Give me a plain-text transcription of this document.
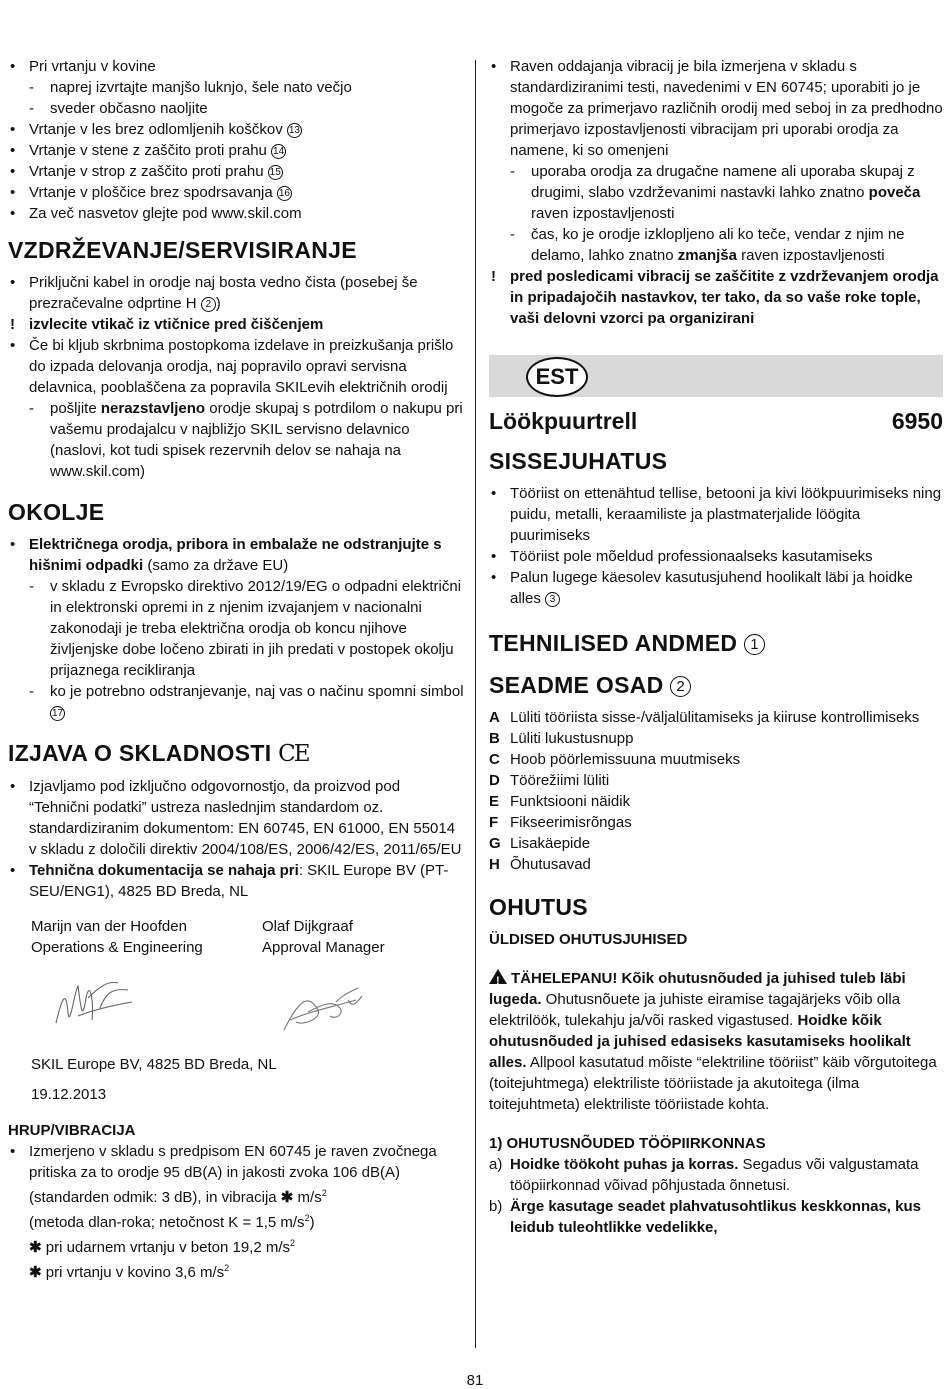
• Pri vrtanju v kovine
- naprej izvrtajte manjšo luknjo, šele nato večjo
- sveder občasno naoljite
• Vrtanje v les brez odlomljenih koščkov 13
• Vrtanje v stene z zaščito proti prahu 14
• Vrtanje v strop z zaščito proti prahu 15
• Vrtanje v ploščice brez spodrsavanja 16
• Za več nasvetov glejte pod www.skil.com
VZDRŽEVANJE/SERVISIRANJE
• Priključni kabel in orodje naj bosta vedno čista (posebej še prezračevalne odprtine H 2 )
! izvlecite vtikač iz vtičnice pred čiščenjem
• Če bi kljub skrbnima postopkoma izdelave in preizkušanja prišlo do izpada delovanja orodja, naj popravilo opravi servisna delavnica, pooblaščena za popravila SKILevih električnih orodij
- pošljite nerazstavljeno orodje skupaj s potrdilom o nakupu pri vašemu prodajalcu v najbližjo SKIL servisno delavnico (naslovi, kot tudi spisek rezervnih delov se nahaja na www.skil.com)
OKOLJE
• Električnega orodja, pribora in embalaže ne odstranjujte s hišnimi odpadki (samo za države EU)
- v skladu z Evropsko direktivo 2012/19/EG o odpadni električni in elektronski opremi in z njenim izvajanjem v nacionalni zakonodaji je treba električna orodja ob koncu njihove življenjske dobe ločeno zbirati in jih predati v postopek okolju prijaznega recikliranja
- ko je potrebno odstranjevanje, naj vas o načinu spomni simbol 17
IZJAVA O SKLADNOSTI CE
• Izjavljamo pod izključno odgovornostjo, da proizvod pod “Tehnični podatki” ustreza naslednjim standardom oz. standardiziranim dokumentom: EN 60745, EN 61000, EN 55014 v skladu z določili direktiv 2004/108/ES, 2006/42/ES, 2011/65/EU
• Tehnična dokumentacija se nahaja pri: SKIL Europe BV (PT-SEU/ENG1), 4825 BD Breda, NL
Marijn van der Hoofden
Operations & Engineering
Olaf Dijkgraaf
Approval Manager
SKIL Europe BV, 4825 BD Breda, NL
19.12.2013
HRUP/VIBRACIJA
• Izmerjeno v skladu s predpisom EN 60745 je raven zvočnega pritiska za to orodje 95 dB(A) in jakosti zvoka 106 dB(A) (standarden odmik: 3 dB), in vibracija ✱ $m/s^2$
(metoda dlan-roka; netočnost K = 1,5 $m/s^2$)
✱ pri udarnem vrtanju v beton 19,2 $m/s^2$
✱ pri vrtanju v kovino 3,6 $m/s^2$
• Raven oddajanja vibracij je bila izmerjena v skladu s standardiziranimi testi, navedenimi v EN 60745; uporabiti jo je mogoče za primerjavo različnih orodij med seboj in za predhodno primerjavo izpostavljenosti vibracijam pri uporabi orodja za namene, ki so omenjeni
- uporaba orodja za drugačne namene ali uporaba skupaj z drugimi, slabo vzdrževanimi nastavki lahko znatno poveča raven izpostavljenosti
- čas, ko je orodje izklopljeno ali ko teče, vendar z njim ne delamo, lahko znatno zmanjša raven izpostavljenosti
! pred posledicami vibracij se zaščitite z vzdrževanjem orodja in pripadajočih nastavkov, ter tako, da so vaše roke tople, vaši delovni vzorci pa organizirani
EST
Löökpuurtrell	6950
SISSEJUHATUS
• Tööriist on ettenähtud tellise, betooni ja kivi löökpuurimiseks ning puidu, metalli, keraamiliste ja plastmaterjalide löögita puurimiseks
• Tööriist pole mõeldud professionaalseks kasutamiseks
• Palun lugege käesolev kasutusjuhend hoolikalt läbi ja hoidke alles 3
TEHNILISED ANDMED 1
SEADME OSAD 2
A Lüliti tööriista sisse-/väljalülitamiseks ja kiiruse kontrollimiseks
B Lüliti lukustusnupp
C Hoob pöörlemissuuna muutmiseks
D Töörežiimi lüliti
E Funktsiooni näidik
F Fikseerimisrõngas
G Lisakäepide
H Õhutusavad
OHUTUS
ÜLDISED OHUTUSJUHISED
! TÄHELEPANU! Kõik ohutusnõuded ja juhised tuleb läbi lugeda. Ohutusnõuete ja juhiste eiramise tagajärjeks võib olla elektrilöök, tulekahju ja/või rasked vigastused. Hoidke kõik ohutusnõuded ja juhised edasiseks kasutamiseks hoolikalt alles. Allpool kasutatud mõiste “elektriline tööriist” käib võrgutoitega (toitejuhtmega) elektriliste tööriistade ja akutoitega (ilma toitejuhtmeta) elektriliste tööriistade kohta.
1) OHUTUSNÕUDED TÖÖPIIRKONNAS
a) Hoidke töökoht puhas ja korras. Segadus või valgustamata tööpiirkonnad võivad põhjustada õnnetusi.
b) Ärge kasutage seadet plahvatusohtlikus keskkonnas, kus leidub tuleohtlikke vedelikke,
81
